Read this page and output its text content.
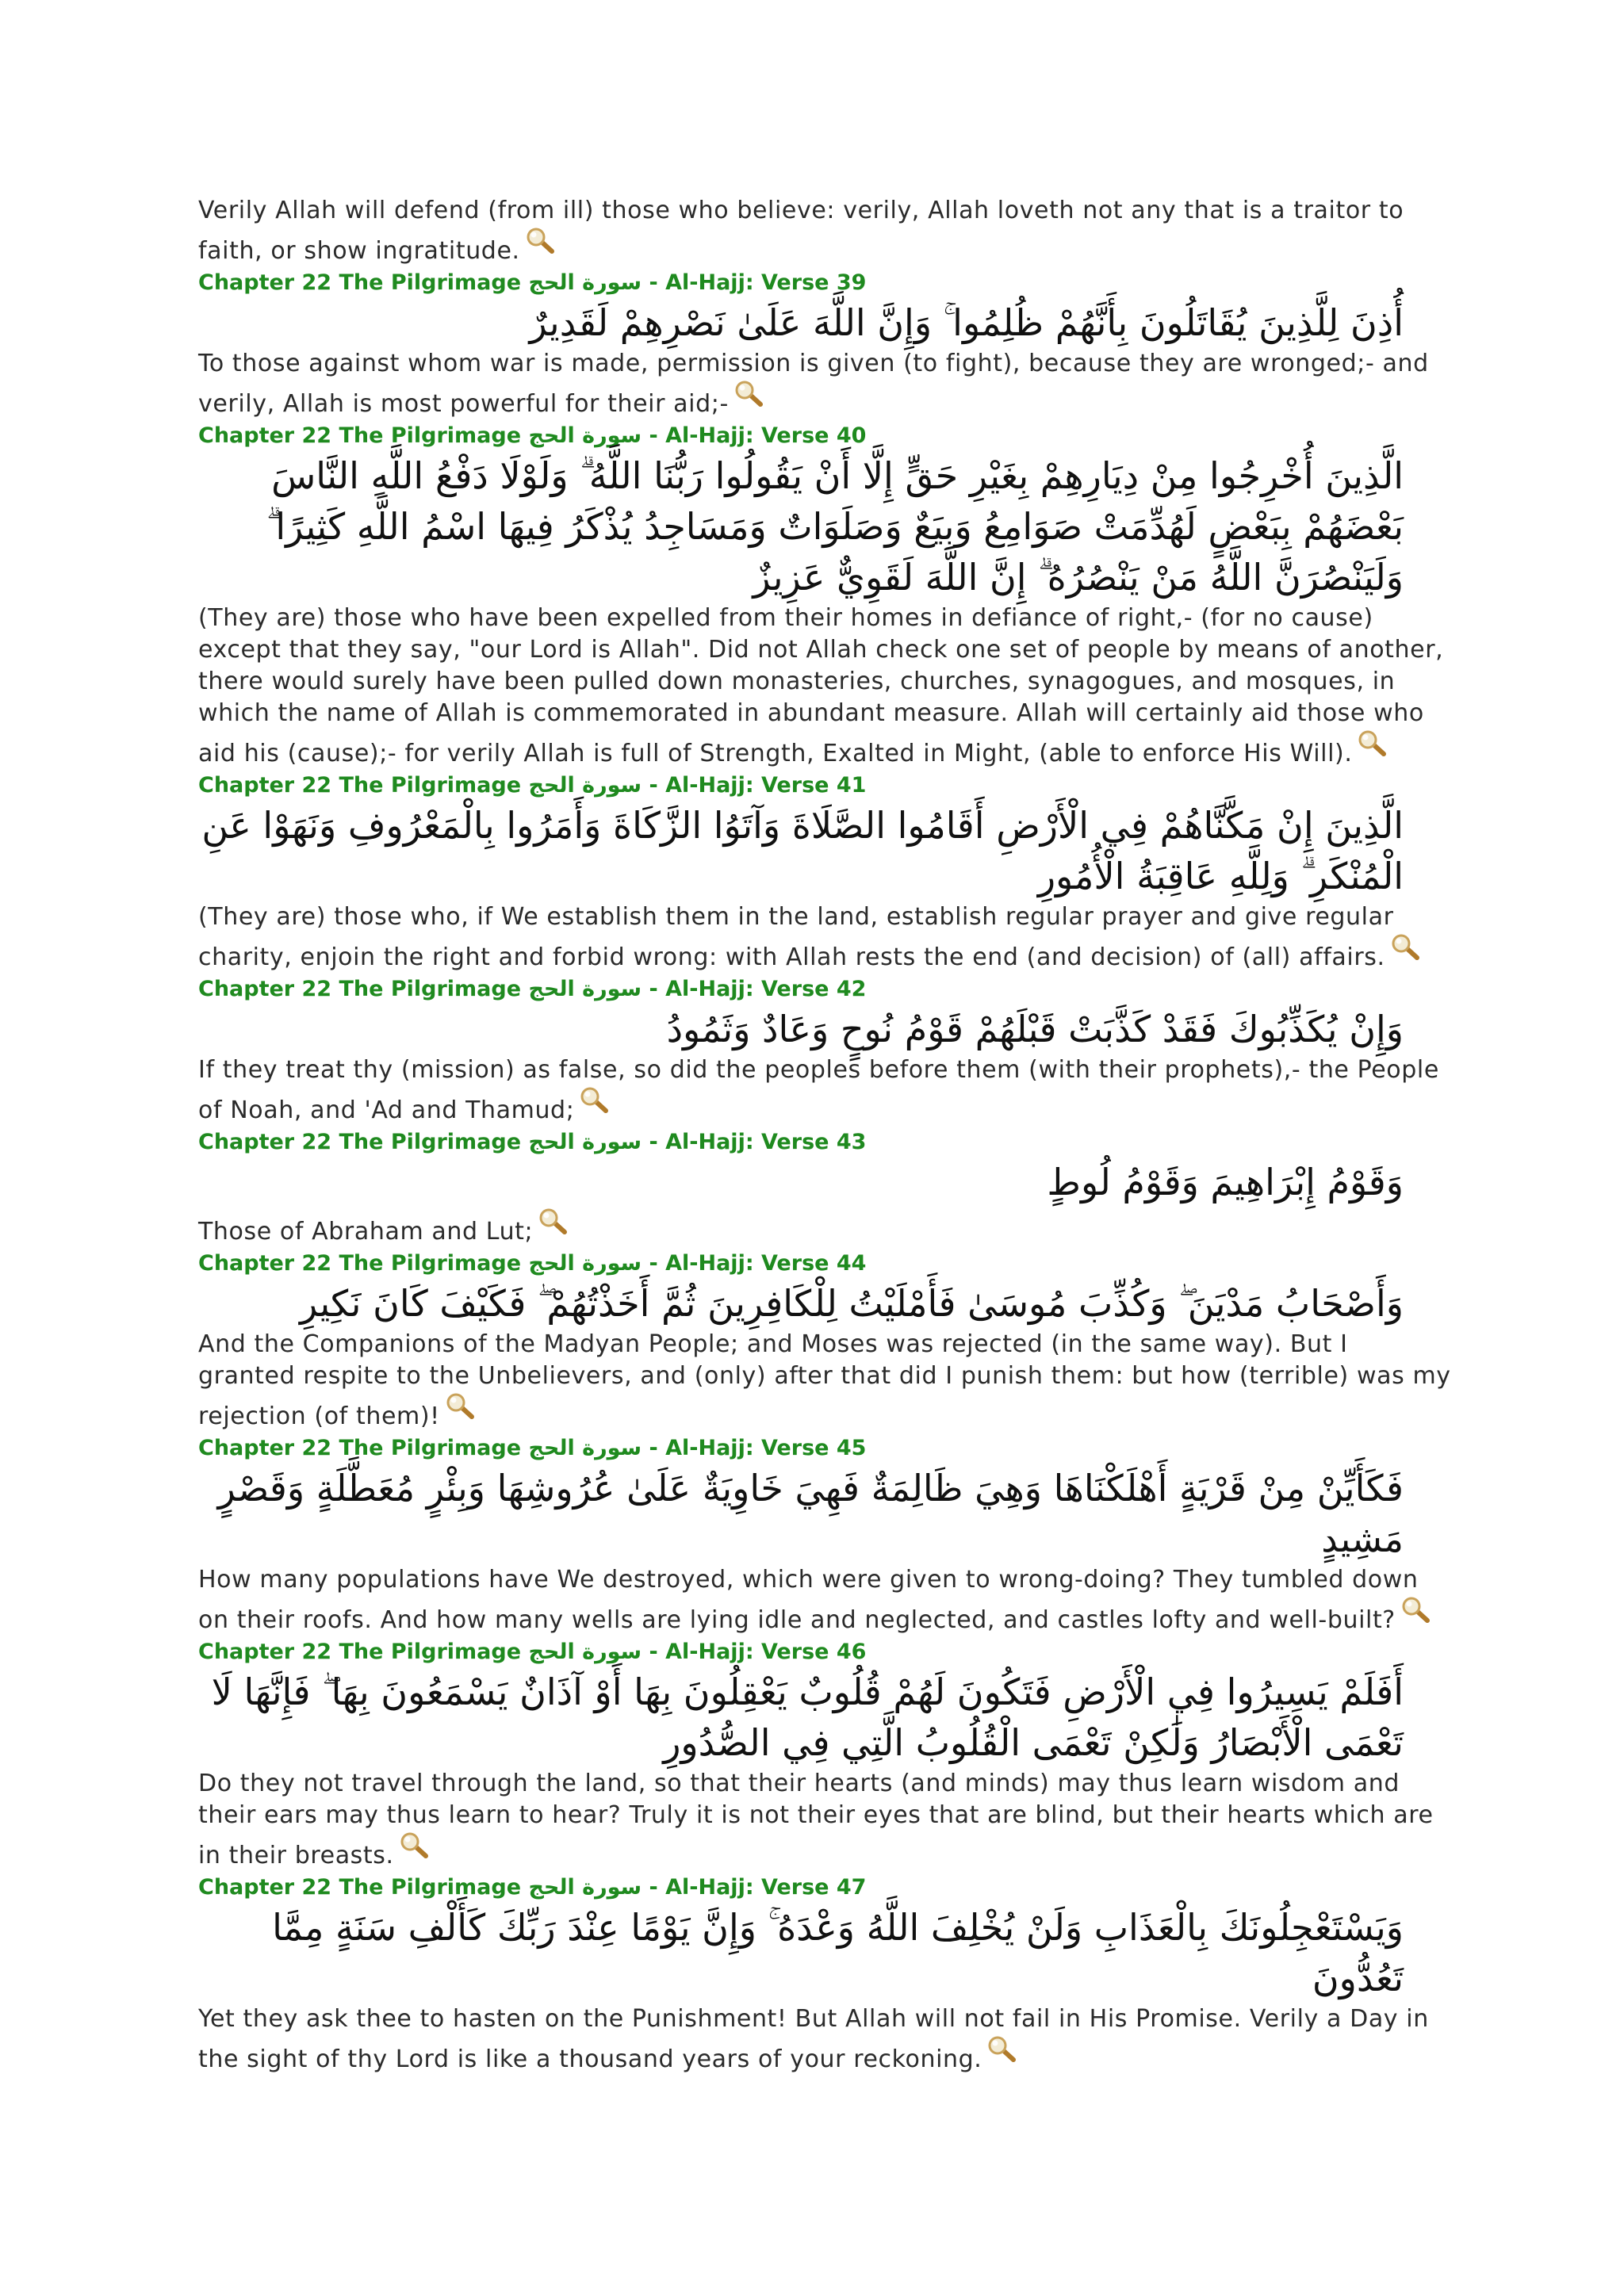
Verily Allah will defend (from ill) those who believe: verily, Allah loveth not any that is a traitor to faith, or show ingratitude.

Chapter 22 The Pilgrimage سورة الحج - Al-Hajj: Verse 39

أُذِنَ لِلَّذِينَ يُقَاتَلُونَ بِأَنَّهُمْ ظُلِمُوا ۚ وَإِنَّ اللَّهَ عَلَىٰ نَصْرِهِمْ لَقَدِيرٌ

To those against whom war is made, permission is given (to fight), because they are wronged;- and verily, Allah is most powerful for their aid;-

Chapter 22 The Pilgrimage سورة الحج - Al-Hajj: Verse 40

الَّذِينَ أُخْرِجُوا مِنْ دِيَارِهِمْ بِغَيْرِ حَقٍّ إِلَّا أَنْ يَقُولُوا رَبُّنَا اللَّهُ ۗ وَلَوْلَا دَفْعُ اللَّهِ النَّاسَ بَعْضَهُمْ بِبَعْضٍ لَهُدِّمَتْ صَوَامِعُ وَبِيَعٌ وَصَلَوَاتٌ وَمَسَاجِدُ يُذْكَرُ فِيهَا اسْمُ اللَّهِ كَثِيرًا ۗ وَلَيَنْصُرَنَّ اللَّهُ مَنْ يَنْصُرُهُ ۗ إِنَّ اللَّهَ لَقَوِيٌّ عَزِيزٌ

(They are) those who have been expelled from their homes in defiance of right,- (for no cause) except that they say, "our Lord is Allah". Did not Allah check one set of people by means of another, there would surely have been pulled down monasteries, churches, synagogues, and mosques, in which the name of Allah is commemorated in abundant measure. Allah will certainly aid those who aid his (cause);- for verily Allah is full of Strength, Exalted in Might, (able to enforce His Will).

Chapter 22 The Pilgrimage سورة الحج - Al-Hajj: Verse 41

الَّذِينَ إِنْ مَكَّنَّاهُمْ فِي الْأَرْضِ أَقَامُوا الصَّلَاةَ وَآتَوُا الزَّكَاةَ وَأَمَرُوا بِالْمَعْرُوفِ وَنَهَوْا عَنِ الْمُنْكَرِ ۗ وَلِلَّهِ عَاقِبَةُ الْأُمُورِ

(They are) those who, if We establish them in the land, establish regular prayer and give regular charity, enjoin the right and forbid wrong: with Allah rests the end (and decision) of (all) affairs.

Chapter 22 The Pilgrimage سورة الحج - Al-Hajj: Verse 42

وَإِنْ يُكَذِّبُوكَ فَقَدْ كَذَّبَتْ قَبْلَهُمْ قَوْمُ نُوحٍ وَعَادٌ وَثَمُودُ

If they treat thy (mission) as false, so did the peoples before them (with their prophets),- the People of Noah, and 'Ad and Thamud;

Chapter 22 The Pilgrimage سورة الحج - Al-Hajj: Verse 43

وَقَوْمُ إِبْرَاهِيمَ وَقَوْمُ لُوطٍ

Those of Abraham and Lut;

Chapter 22 The Pilgrimage سورة الحج - Al-Hajj: Verse 44

وَأَصْحَابُ مَدْيَنَ ۖ وَكُذِّبَ مُوسَىٰ فَأَمْلَيْتُ لِلْكَافِرِينَ ثُمَّ أَخَذْتُهُمْ ۖ فَكَيْفَ كَانَ نَكِيرِ

And the Companions of the Madyan People; and Moses was rejected (in the same way). But I granted respite to the Unbelievers, and (only) after that did I punish them: but how (terrible) was my rejection (of them)!

Chapter 22 The Pilgrimage سورة الحج - Al-Hajj: Verse 45

فَكَأَيِّنْ مِنْ قَرْيَةٍ أَهْلَكْنَاهَا وَهِيَ ظَالِمَةٌ فَهِيَ خَاوِيَةٌ عَلَىٰ عُرُوشِهَا وَبِئْرٍ مُعَطَّلَةٍ وَقَصْرٍ مَشِيدٍ

How many populations have We destroyed, which were given to wrong-doing? They tumbled down on their roofs. And how many wells are lying idle and neglected, and castles lofty and well-built?

Chapter 22 The Pilgrimage سورة الحج - Al-Hajj: Verse 46

أَفَلَمْ يَسِيرُوا فِي الْأَرْضِ فَتَكُونَ لَهُمْ قُلُوبٌ يَعْقِلُونَ بِهَا أَوْ آذَانٌ يَسْمَعُونَ بِهَا ۖ فَإِنَّهَا لَا تَعْمَى الْأَبْصَارُ وَلَٰكِنْ تَعْمَى الْقُلُوبُ الَّتِي فِي الصُّدُورِ

Do they not travel through the land, so that their hearts (and minds) may thus learn wisdom and their ears may thus learn to hear? Truly it is not their eyes that are blind, but their hearts which are in their breasts.

Chapter 22 The Pilgrimage سورة الحج - Al-Hajj: Verse 47

وَيَسْتَعْجِلُونَكَ بِالْعَذَابِ وَلَنْ يُخْلِفَ اللَّهُ وَعْدَهُ ۚ وَإِنَّ يَوْمًا عِنْدَ رَبِّكَ كَأَلْفِ سَنَةٍ مِمَّا تَعُدُّونَ

Yet they ask thee to hasten on the Punishment! But Allah will not fail in His Promise. Verily a Day in the sight of thy Lord is like a thousand years of your reckoning.
